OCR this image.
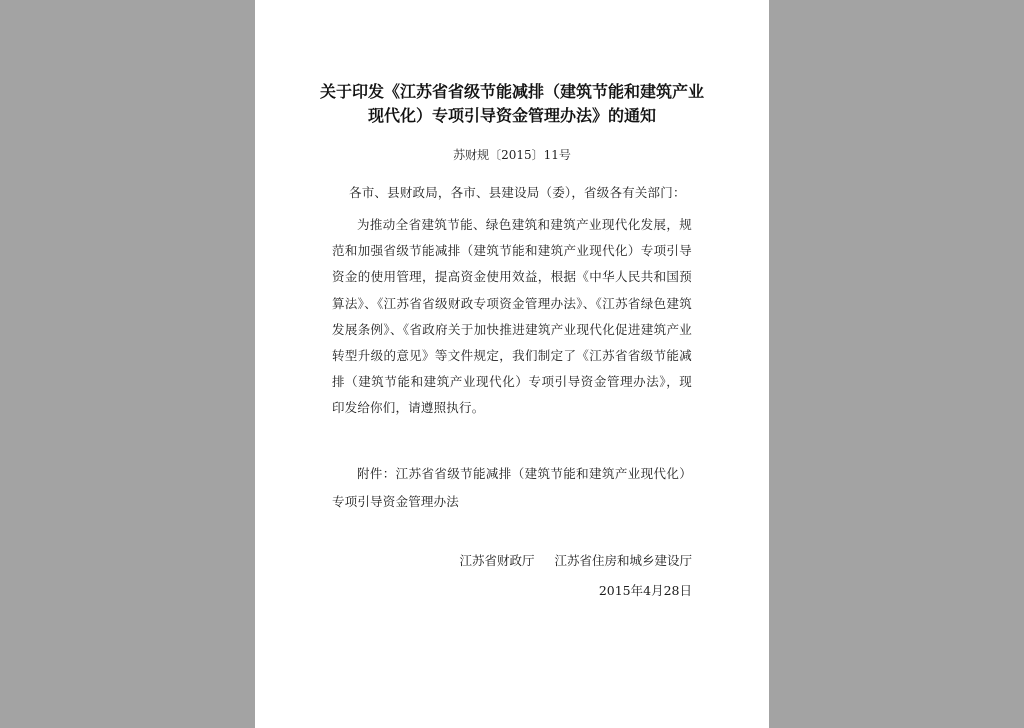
关于印发《江苏省省级节能减排（建筑节能和建筑产业现代化）专项引导资金管理办法》的通知
苏财规〔2015〕11号

各市、县财政局，各市、县建设局（委），省级各有关部门：

为推动全省建筑节能、绿色建筑和建筑产业现代化发展，规范和加强省级节能减排（建筑节能和建筑产业现代化）专项引导资金的使用管理，提高资金使用效益，根据《中华人民共和国预算法》、《江苏省省级财政专项资金管理办法》、《江苏省绿色建筑发展条例》、《省政府关于加快推进建筑产业现代化促进建筑产业转型升级的意见》等文件规定，我们制定了《江苏省省级节能减排（建筑节能和建筑产业现代化）专项引导资金管理办法》，现印发给你们，请遵照执行。

附件：江苏省省级节能减排（建筑节能和建筑产业现代化）专项引导资金管理办法

江苏省财政厅 江苏省住房和城乡建设厅
2015年4月28日
